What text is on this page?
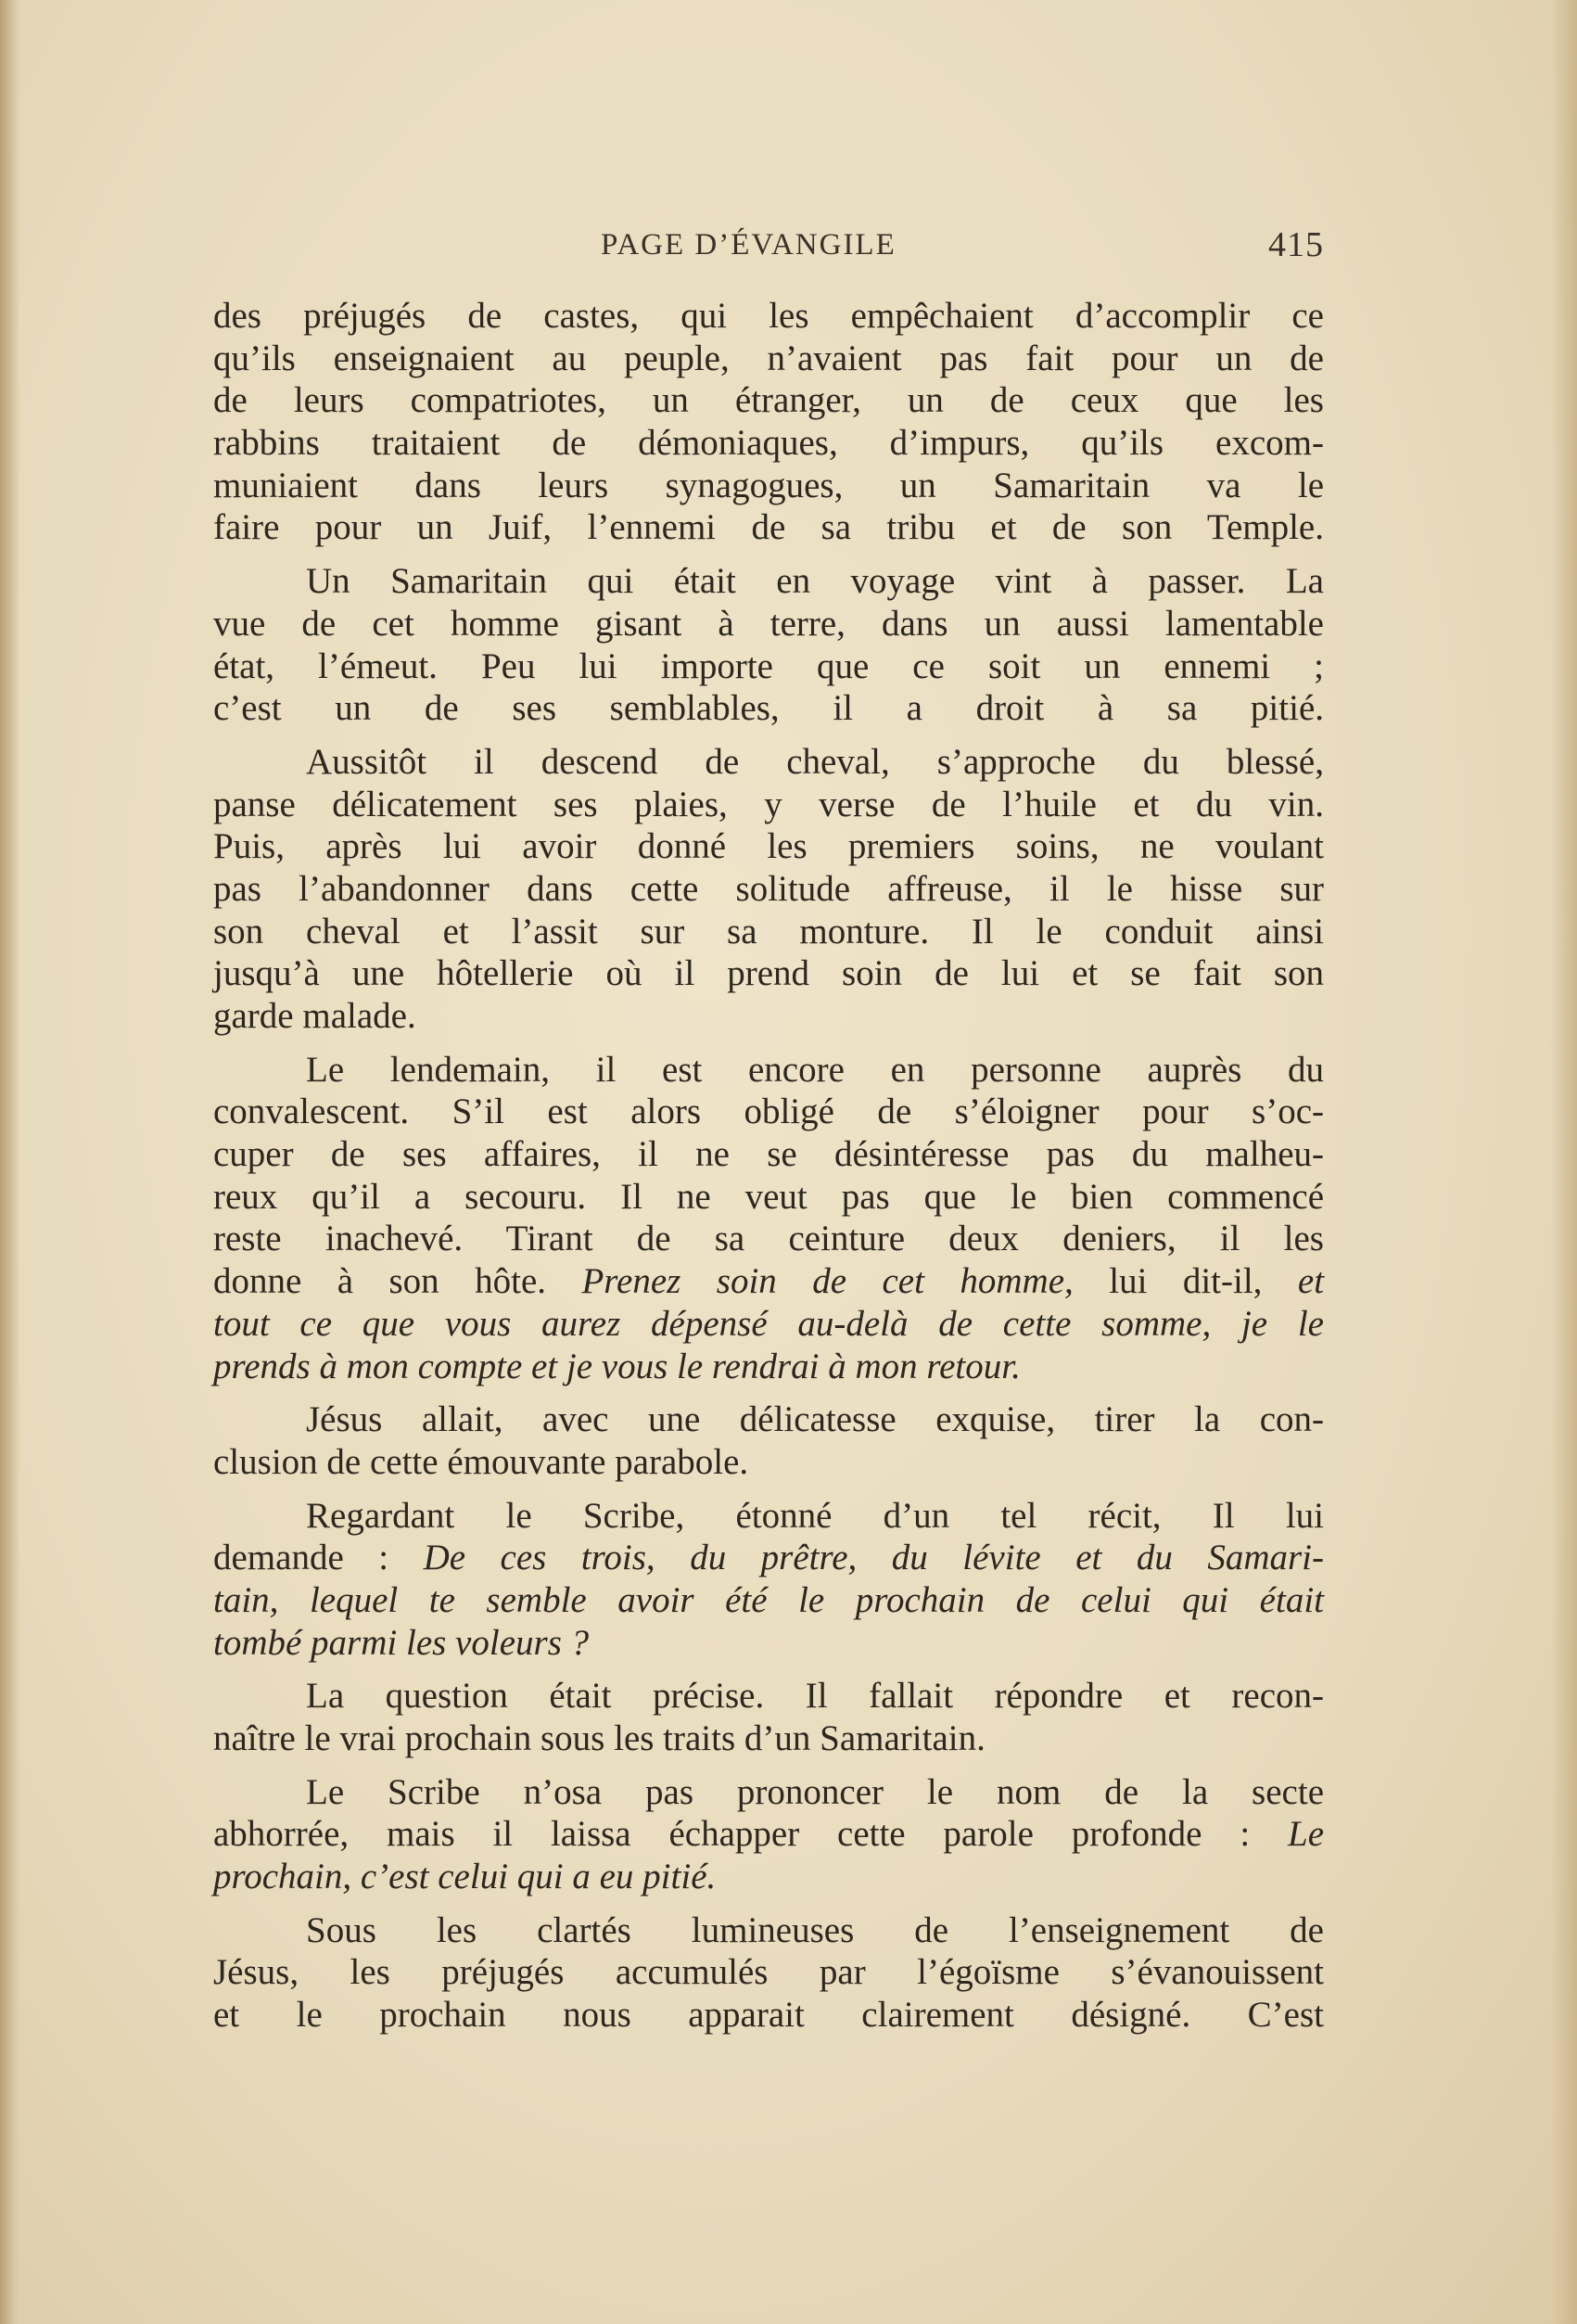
PAGE D’ÉVANGILE	415

des préjugés de castes, qui les empêchaient d’accomplir ce
qu’ils enseignaient au peuple, n’avaient pas fait pour un de
de leurs compatriotes, un étranger, un de ceux que les
rabbins traitaient de démoniaques, d’impurs, qu’ils excom-
muniaient dans leurs synagogues, un Samaritain va le
faire pour un Juif, l’ennemi de sa tribu et de son Temple.

Un Samaritain qui était en voyage vint à passer. La
vue de cet homme gisant à terre, dans un aussi lamentable
état, l’émeut. Peu lui importe que ce soit un ennemi ;
c’est un de ses semblables, il a droit à sa pitié.

Aussitôt il descend de cheval, s’approche du blessé,
panse délicatement ses plaies, y verse de l’huile et du vin.
Puis, après lui avoir donné les premiers soins, ne voulant
pas l’abandonner dans cette solitude affreuse, il le hisse sur
son cheval et l’assit sur sa monture. Il le conduit ainsi
jusqu’à une hôtellerie où il prend soin de lui et se fait son
garde malade.

Le lendemain, il est encore en personne auprès du
convalescent. S’il est alors obligé de s’éloigner pour s’oc-
cuper de ses affaires, il ne se désintéresse pas du malheu-
reux qu’il a secouru. Il ne veut pas que le bien commencé
reste inachevé. Tirant de sa ceinture deux deniers, il les
donne à son hôte. Prenez soin de cet homme, lui dit-il, et
tout ce que vous aurez dépensé au-delà de cette somme, je le
prends à mon compte et je vous le rendrai à mon retour.

Jésus allait, avec une délicatesse exquise, tirer la con-
clusion de cette émouvante parabole.

Regardant le Scribe, étonné d’un tel récit, Il lui
demande : De ces trois, du prêtre, du lévite et du Samari-
tain, lequel te semble avoir été le prochain de celui qui était
tombé parmi les voleurs ?

La question était précise. Il fallait répondre et recon-
naître le vrai prochain sous les traits d’un Samaritain.

Le Scribe n’osa pas prononcer le nom de la secte
abhorrée, mais il laissa échapper cette parole profonde : Le
prochain, c’est celui qui a eu pitié.

Sous les clartés lumineuses de l’enseignement de
Jésus, les préjugés accumulés par l’égoïsme s’évanouissent
et le prochain nous apparait clairement désigné. C’est
